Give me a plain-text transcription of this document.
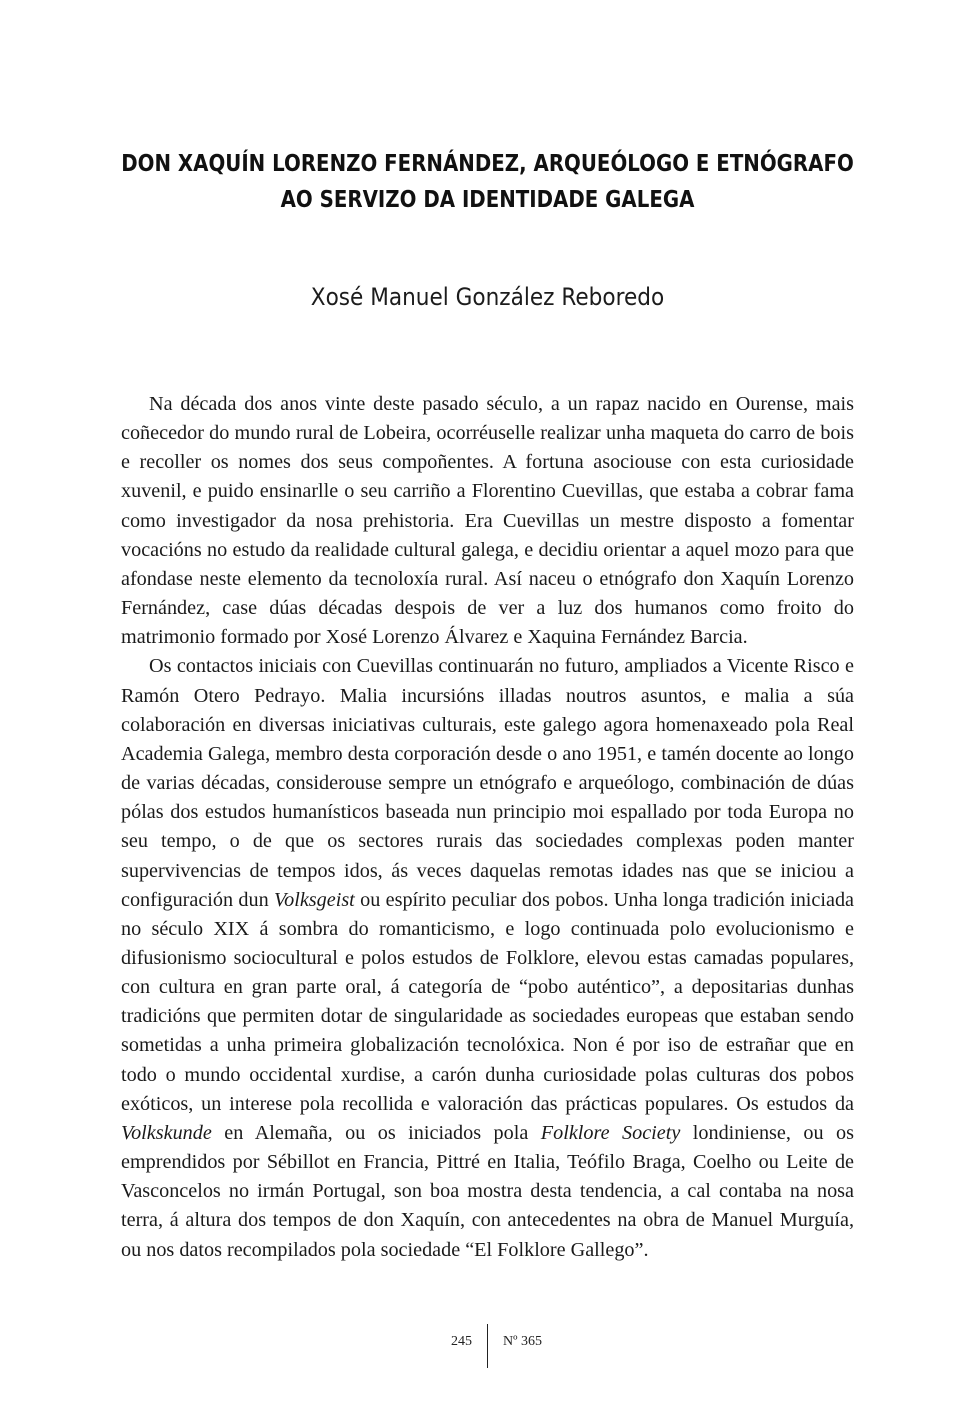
DON XAQUÍN LORENZO FERNÁNDEZ, ARQUEÓLOGO E ETNÓGRAFO
AO SERVIZO DA IDENTIDADE GALEGA
Xosé Manuel González Reboredo

Na década dos anos vinte deste pasado século, a un rapaz nacido en Ourense, mais coñecedor do mundo rural de Lobeira, ocorréuselle realizar unha maqueta do carro de bois e recoller os nomes dos seus compoñentes. A fortuna asociouse con esta curiosidade xuvenil, e puido ensinarlle o seu carriño a Florentino Cuevillas, que estaba a cobrar fama como investigador da nosa prehistoria. Era Cuevillas un mestre disposto a fomentar vocacións no estudo da realidade cultural galega, e decidiu orientar a aquel mozo para que afondase neste elemento da tecnoloxía rural. Así naceu o etnógrafo don Xaquín Lorenzo Fernández, case dúas décadas despois de ver a luz dos humanos como froito do matrimonio formado por Xosé Lorenzo Álvarez e Xaquina Fernández Barcia.

Os contactos iniciais con Cuevillas continuarán no futuro, ampliados a Vicente Risco e Ramón Otero Pedrayo. Malia incursións illadas noutros asuntos, e malia a súa colaboración en diversas iniciativas culturais, este galego agora homenaxeado pola Real Academia Galega, membro desta corporación desde o ano 1951, e tamén docente ao longo de varias décadas, considerouse sempre un etnógrafo e arqueólogo, combinación de dúas pólas dos estudos humanísticos baseada nun principio moi espallado por toda Europa no seu tempo, o de que os sectores rurais das sociedades complexas poden manter supervivencias de tempos idos, ás veces daquelas remotas idades nas que se iniciou a configuración dun Volksgeist ou espírito peculiar dos pobos. Unha longa tradición iniciada no século XIX á sombra do romanticismo, e logo continuada polo evolucionismo e difusionismo sociocultural e polos estudos de Folklore, elevou estas camadas populares, con cultura en gran parte oral, á categoría de “pobo auténtico”, a depositarias dunhas tradicións que permiten dotar de singularidade as sociedades europeas que estaban sendo sometidas a unha primeira globalización tecnolóxica. Non é por iso de estrañar que en todo o mundo occidental xurdise, a carón dunha curiosidade polas culturas dos pobos exóticos, un interese pola recollida e valoración das prácticas populares. Os estudos da Volkskunde en Alemaña, ou os iniciados pola Folklore Society londiniense, ou os emprendidos por Sébillot en Francia, Pittré en Italia, Teófilo Braga, Coelho ou Leite de Vasconcelos no irmán Portugal, son boa mostra desta tendencia, a cal contaba na nosa terra, á altura dos tempos de don Xaquín, con antecedentes na obra de Manuel Murguía, ou nos datos recompilados pola sociedade “El Folklore Gallego”.

245 Nº 365
